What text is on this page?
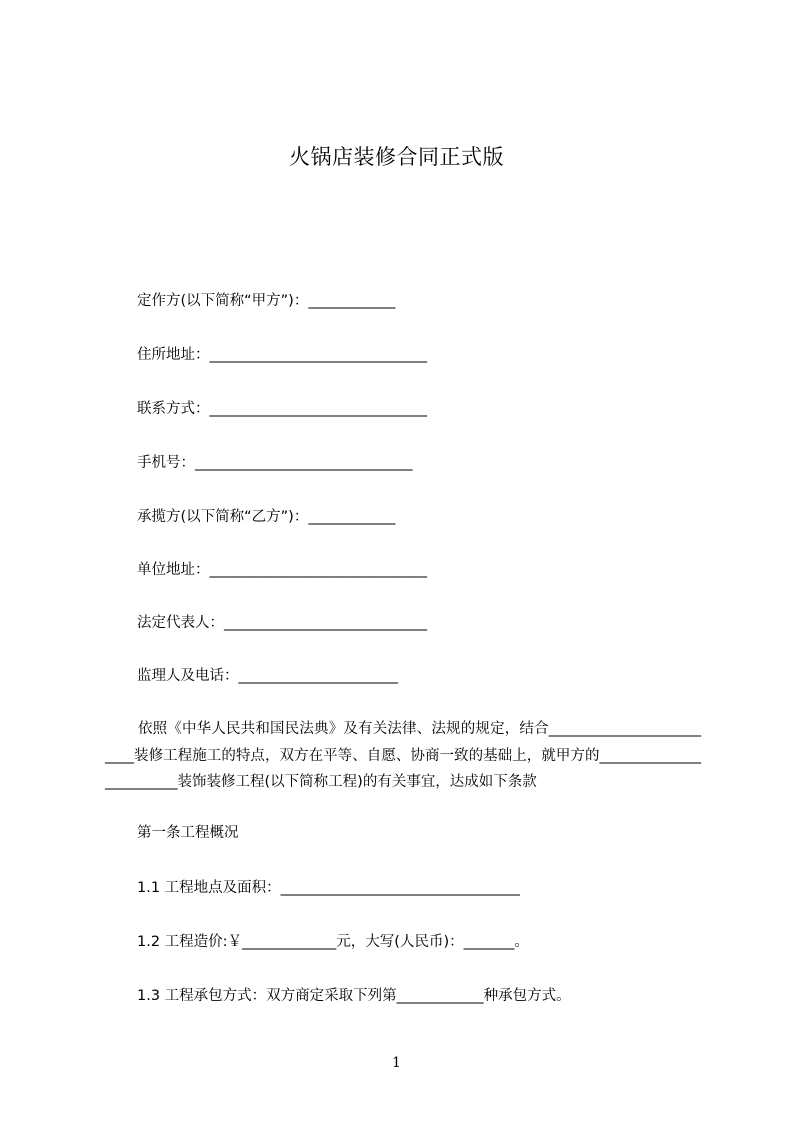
火锅店装修合同正式版
定作方(以下简称“甲方”)：____________
住所地址：______________________________
联系方式：______________________________
手机号：______________________________
承揽方(以下简称“乙方”)：____________
单位地址：______________________________
法定代表人：____________________________
监理人及电话：______________________
依照《中华人民共和国民法典》及有关法律、法规的规定，结合_________________________装修工程施工的特点，双方在平等、自愿、协商一致的基础上，就甲方的________________________装饰装修工程(以下简称工程)的有关事宜，达成如下条款
第一条工程概况
1.1 工程地点及面积：_________________________________
1.2 工程造价:￥_____________元，大写(人民币)：_______。
1.3 工程承包方式：双方商定采取下列第____________种承包方式。
1
